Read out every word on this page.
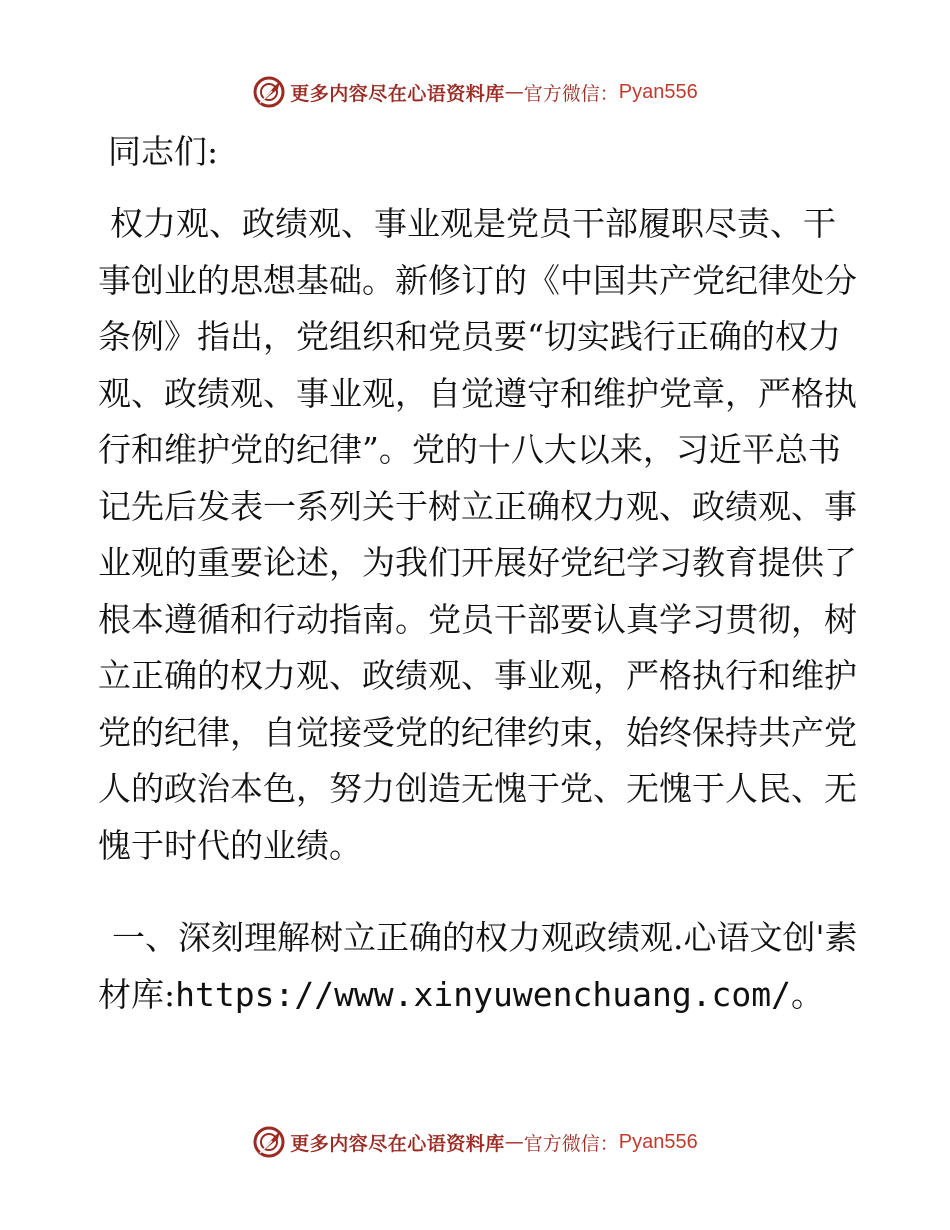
更多内容尽在心语资料库 — 官方微信： Pyan556

同志们:

权力观、政绩观、事业观是党员干部履职尽责、干事创业的思想基础。新修订的《中国共产党纪律处分条例》指出，党组织和党员要“切实践行正确的权力观、政绩观、事业观，自觉遵守和维护党章，严格执行和维护党的纪律”。党的十八大以来，习近平总书记先后发表一系列关于树立正确权力观、政绩观、事业观的重要论述，为我们开展好党纪学习教育提供了根本遵循和行动指南。党员干部要认真学习贯彻，树立正确的权力观、政绩观、事业观，严格执行和维护党的纪律，自觉接受党的纪律约束，始终保持共产党人的政治本色，努力创造无愧于党、无愧于人民、无愧于时代的业绩。

一、深刻理解树立正确的权力观政绩观.心语文创'素材库:https://www.xinyuwenchuang.com/。

更多内容尽在心语资料库 — 官方微信： Pyan556
